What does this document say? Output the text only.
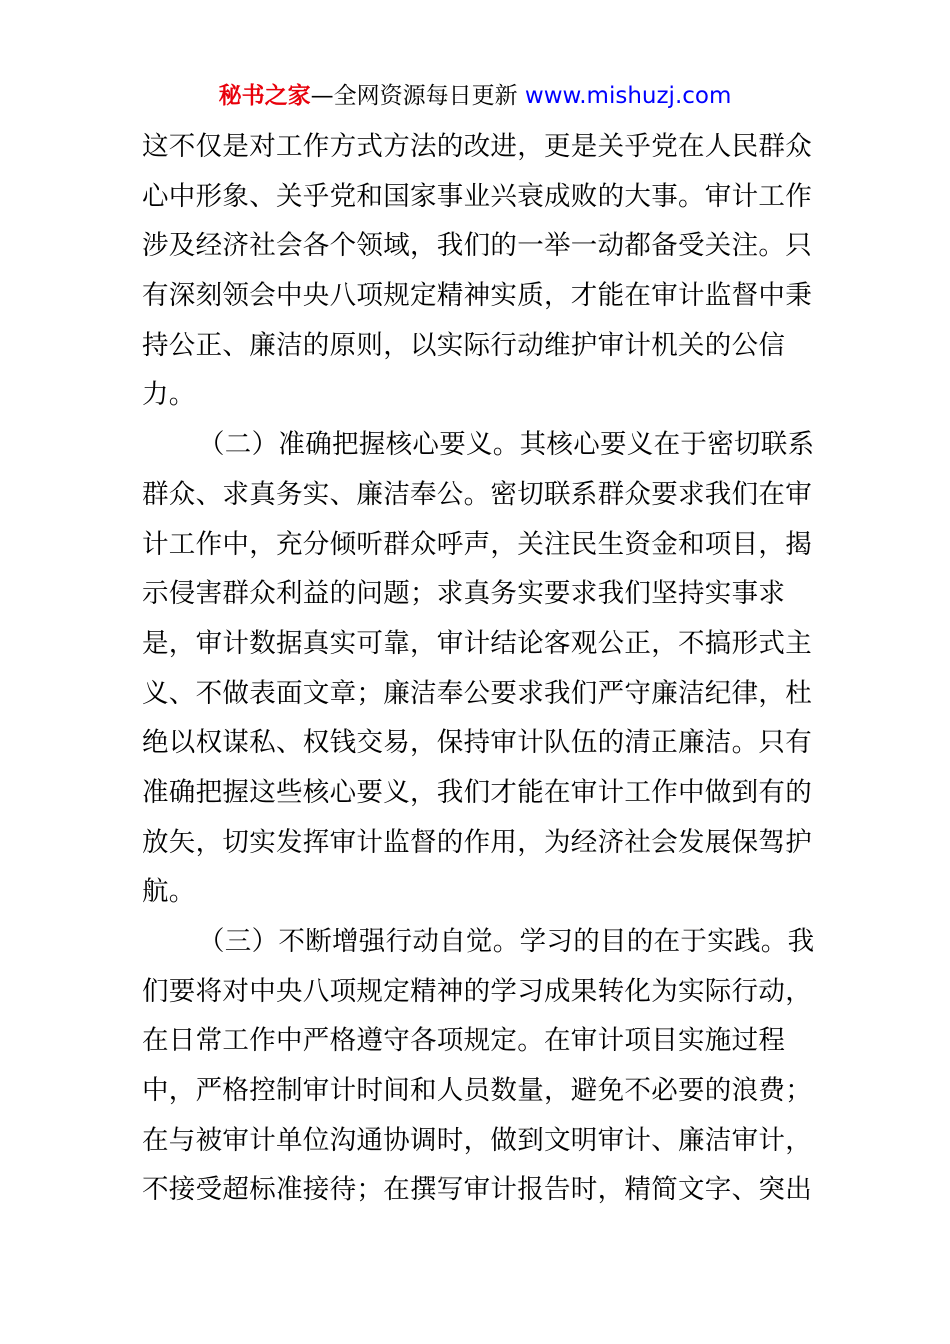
秘书之家—全网资源每日更新 www.mishuzj.com
这不仅是对工作方式方法的改进，更是关乎党在人民群众
心中形象、关乎党和国家事业兴衰成败的大事。审计工作
涉及经济社会各个领域，我们的一举一动都备受关注。只
有深刻领会中央八项规定精神实质，才能在审计监督中秉
持公正、廉洁的原则，以实际行动维护审计机关的公信
力。
（二）准确把握核心要义。其核心要义在于密切联系
群众、求真务实、廉洁奉公。密切联系群众要求我们在审
计工作中，充分倾听群众呼声，关注民生资金和项目，揭
示侵害群众利益的问题；求真务实要求我们坚持实事求
是，审计数据真实可靠，审计结论客观公正，不搞形式主
义、不做表面文章；廉洁奉公要求我们严守廉洁纪律，杜
绝以权谋私、权钱交易，保持审计队伍的清正廉洁。只有
准确把握这些核心要义，我们才能在审计工作中做到有的
放矢，切实发挥审计监督的作用，为经济社会发展保驾护
航。
（三）不断增强行动自觉。学习的目的在于实践。我
们要将对中央八项规定精神的学习成果转化为实际行动，
在日常工作中严格遵守各项规定。在审计项目实施过程
中，严格控制审计时间和人员数量，避免不必要的浪费；
在与被审计单位沟通协调时，做到文明审计、廉洁审计，
不接受超标准接待；在撰写审计报告时，精简文字、突出
